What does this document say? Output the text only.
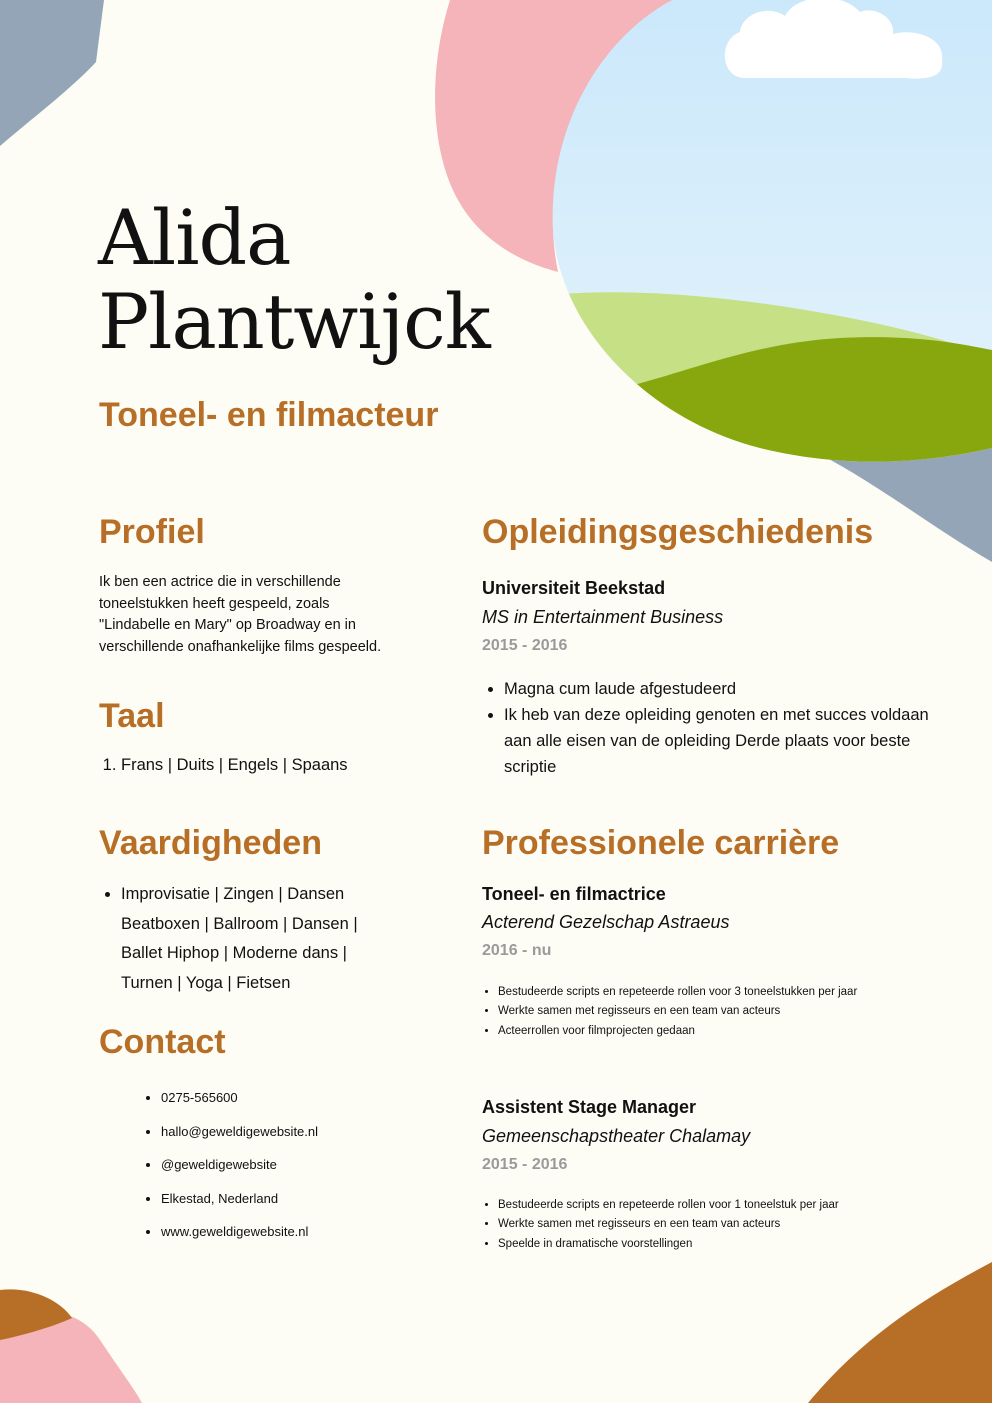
Alida
Plantwijck

Toneel- en filmacteur

Profiel

Ik ben een actrice die in verschillende toneelstukken heeft gespeeld, zoals "Lindabelle en Mary" op Broadway en in verschillende onafhankelijke films gespeeld.

Taal
1. Frans | Duits | Engels | Spaans
Vaardigheden
• Improvisatie | Zingen | Dansen Beatboxen | Ballroom | Dansen | Ballet Hiphop | Moderne dans | Turnen | Yoga | Fietsen
Contact
• 0275-565600
• hallo@geweldigewebsite.nl
• @geweldigewebsite
• Elkestad, Nederland
• www.geweldigewebsite.nl
Opleidingsgeschiedenis

Universiteit Beekstad

MS in Entertainment Business

2015 - 2016

• Magna cum laude afgestudeerd
• Ik heb van deze opleiding genoten en met succes voldaan aan alle eisen van de opleiding Derde plaats voor beste scriptie
Professionele carrière

Toneel- en filmactrice

Acterend Gezelschap Astraeus

2016 - nu

• Bestudeerde scripts en repeteerde rollen voor 3 toneelstukken per jaar
• Werkte samen met regisseurs en een team van acteurs
• Acteerrollen voor filmprojecten gedaan

Assistent Stage Manager

Gemeenschapstheater Chalamay

2015 - 2016

• Bestudeerde scripts en repeteerde rollen voor 1 toneelstuk per jaar
• Werkte samen met regisseurs en een team van acteurs
• Speelde in dramatische voorstellingen
